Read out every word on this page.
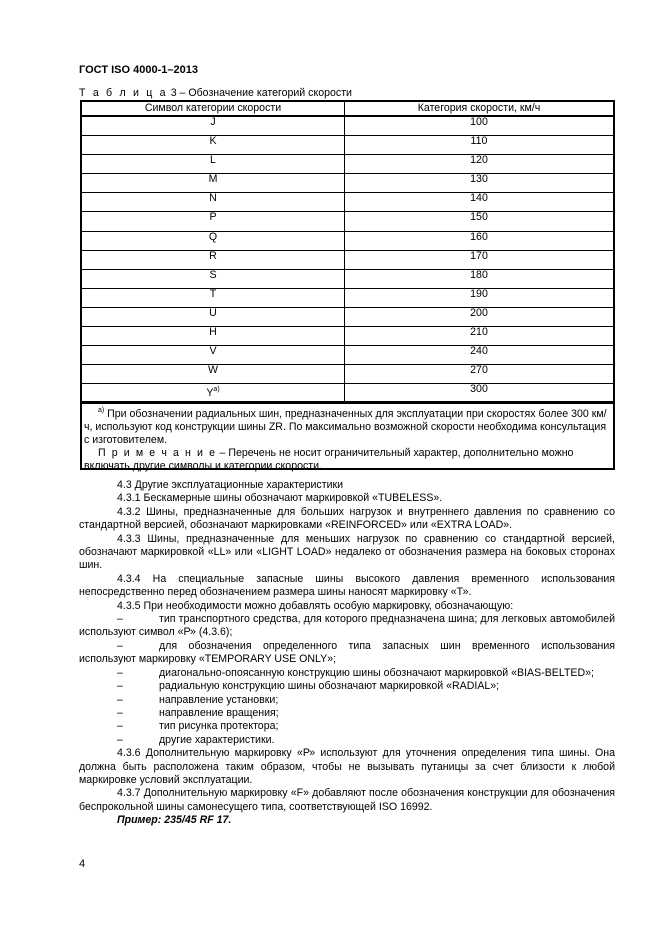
ГОСТ ISO 4000-1–2013
Т а б л и ц а 3 – Обозначение категорий скорости
Символ категории скорости	Категория скорости, км/ч
J	100
K	110
L	120
M	130
N	140
P	150
Q	160
R	170
S	180
T	190
U	200
H	210
V	240
W	270
$Y^{а)}$	300
$^{а)}$ При обозначении радиальных шин, предназначенных для эксплуатации при скоростях более 300 км/ч, используют код конструкции шины ZR. По максимально возможной скорости необходима консультация с изготовителем.
П р и м е ч а н и е – Перечень не носит ограничительный характер, дополнительно можно включать другие символы и категории скорости.
4.3 Другие эксплуатационные характеристики
4.3.1 Бескамерные шины обозначают маркировкой «TUBELESS».
4.3.2 Шины, предназначенные для больших нагрузок и внутреннего давления по сравнению со стандартной версией, обозначают маркировками «REINFORCED» или «EXTRA LOAD».
4.3.3 Шины, предназначенные для меньших нагрузок по сравнению со стандартной версией, обозначают маркировкой «LL» или «LIGHT LOAD» недалеко от обозначения размера на боковых сторонах шин.
4.3.4 На специальные запасные шины высокого давления временного использования непосредственно перед обозначением размера шины наносят маркировку «Т».
4.3.5 При необходимости можно добавлять особую маркировку, обозначающую:
–	тип транспортного средства, для которого предназначена шина; для легковых автомобилей используют символ «Р» (4.3.6);
–	для обозначения определенного типа запасных шин временного использования используют маркировку «TEMPORARY USE ONLY»;
–	диагонально-опоясанную конструкцию шины обозначают маркировкой «BIAS-BELTED»;
–	радиальную конструкцию шины обозначают маркировкой «RADIAL»;
–	направление установки;
–	направление вращения;
–	тип рисунка протектора;
–	другие характеристики.
4.3.6 Дополнительную маркировку «Р» используют для уточнения определения типа шины. Она должна быть расположена таким образом, чтобы не вызывать путаницы за счет близости к любой маркировке условий эксплуатации.
4.3.7 Дополнительную маркировку «F» добавляют после обозначения конструкции для обозначения беспрокольной шины самонесущего типа, соответствующей ISO 16992.
Пример: 235/45 RF 17.
4
